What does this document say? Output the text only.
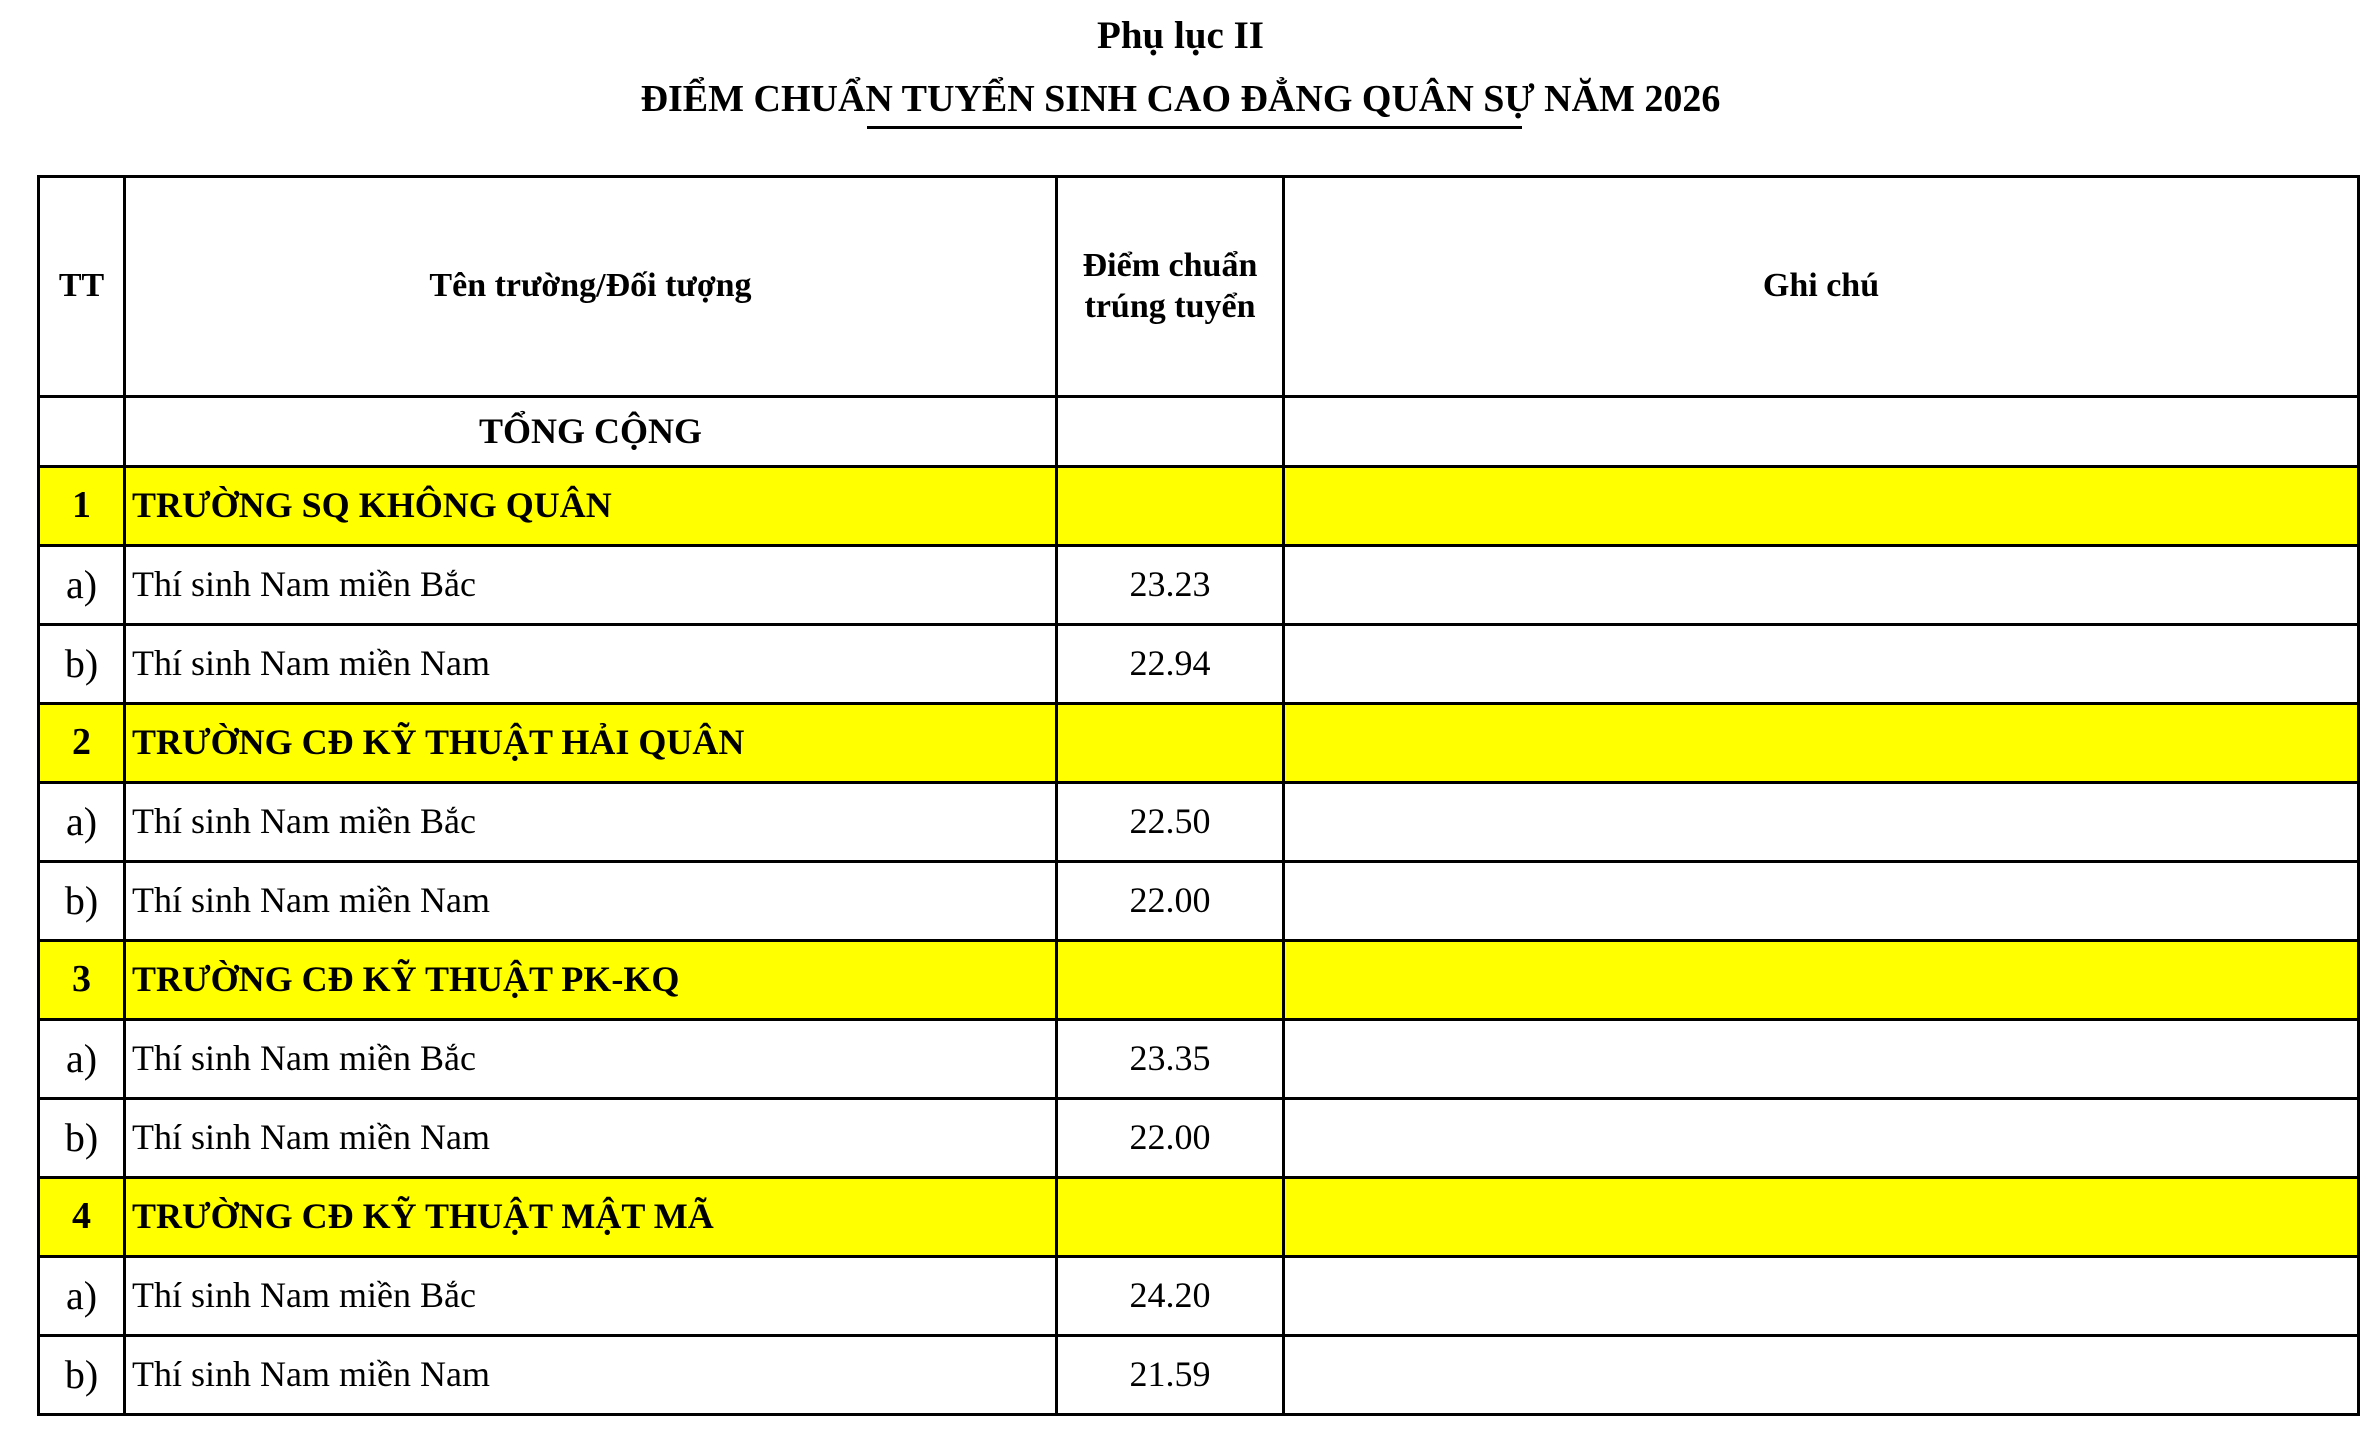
Phụ lục II
ĐIỂM CHUẨN TUYỂN SINH CAO ĐẲNG QUÂN SỰ NĂM 2026
TT	Tên trường/Đối tượng	Điểm chuẩn trúng tuyển	Ghi chú
	TỔNG CỘNG		
1	TRƯỜNG SQ KHÔNG QUÂN		
a)	Thí sinh Nam miền Bắc	23.23	
b)	Thí sinh Nam miền Nam	22.94	
2	TRƯỜNG CĐ KỸ THUẬT HẢI QUÂN		
a)	Thí sinh Nam miền Bắc	22.50	
b)	Thí sinh Nam miền Nam	22.00	
3	TRƯỜNG CĐ KỸ THUẬT PK-KQ		
a)	Thí sinh Nam miền Bắc	23.35	
b)	Thí sinh Nam miền Nam	22.00	
4	TRƯỜNG CĐ KỸ THUẬT MẬT MÃ		
a)	Thí sinh Nam miền Bắc	24.20	
b)	Thí sinh Nam miền Nam	21.59	
